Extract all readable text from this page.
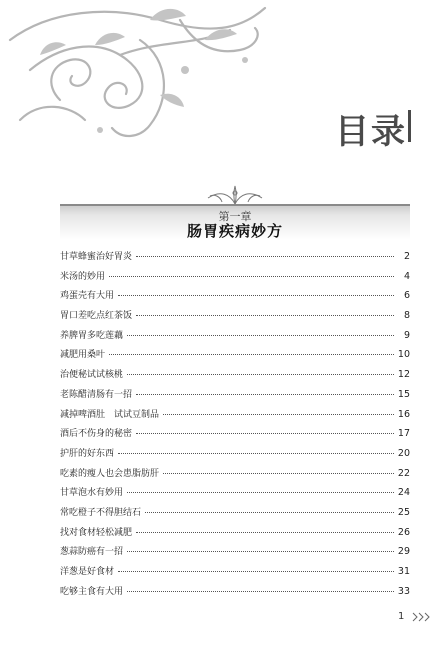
目录
第一章
肠胃疾病妙方
甘草蜂蜜治好胃炎	2
米汤的妙用	4
鸡蛋壳有大用	6
胃口差吃点红茶饭	8
养脾胃多吃莲藕	9
减肥用桑叶	10
治便秘试试核桃	12
老陈醋清肠有一招	15
减掉啤酒肚　试试豆制品	16
酒后不伤身的秘密	17
护肝的好东西	20
吃素的瘦人也会患脂肪肝	22
甘草泡水有妙用	24
常吃橙子不得胆结石	25
找对食材轻松减肥	26
葱蒜防癌有一招	29
洋葱是好食材	31
吃够主食有大用	33
1
